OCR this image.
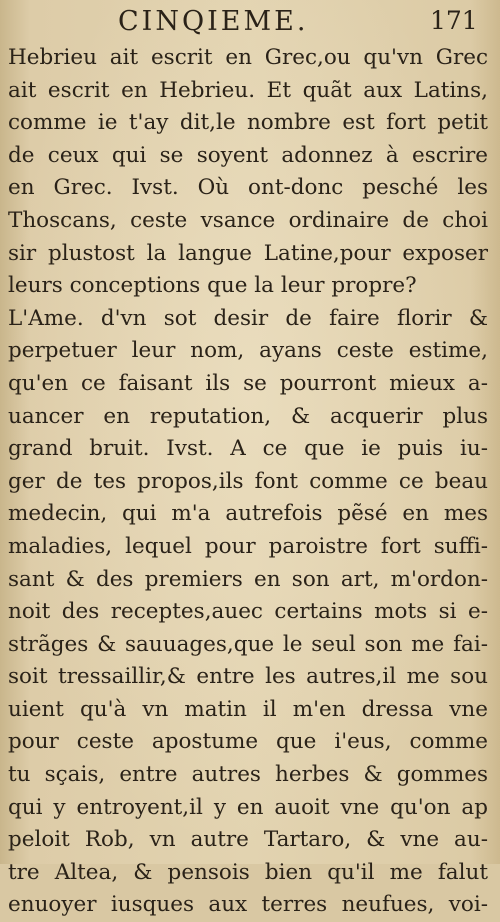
CINQIEME.	171
Hebrieu ait escrit en Grec,ou qu'vn Grec
ait escrit en Hebrieu. Et quãt aux Latins,
comme ie t'ay dit,le nombre est fort petit
de ceux qui se soyent adonnez à escrire
en Grec. Ivst. Où ont-donc pesché les
Thoscans, ceste vsance ordinaire de choi
sir plustost la langue Latine,pour exposer
leurs conceptions que la leur propre?
L'Ame. d'vn sot desir de faire florir &
perpetuer leur nom, ayans ceste estime,
qu'en ce faisant ils se pourront mieux a-
uancer en reputation, & acquerir plus
grand bruit. Ivst. A ce que ie puis iu-
ger de tes propos,ils font comme ce beau
medecin, qui m'a autrefois pẽsé en mes
maladies, lequel pour paroistre fort suffi-
sant & des premiers en son art, m'ordon-
noit des receptes,auec certains mots si e-
strãges & sauuages,que le seul son me fai-
soit tressaillir,& entre les autres,il me sou
uient qu'à vn matin il m'en dressa vne
pour ceste apostume que i'eus, comme
tu sçais, entre autres herbes & gommes
qui y entroyent,il y en auoit vne qu'on ap
peloit Rob, vn autre Tartaro, & vne au-
tre Altea, & pensois bien qu'il me falut
enuoyer iusques aux terres neufues, voi-
